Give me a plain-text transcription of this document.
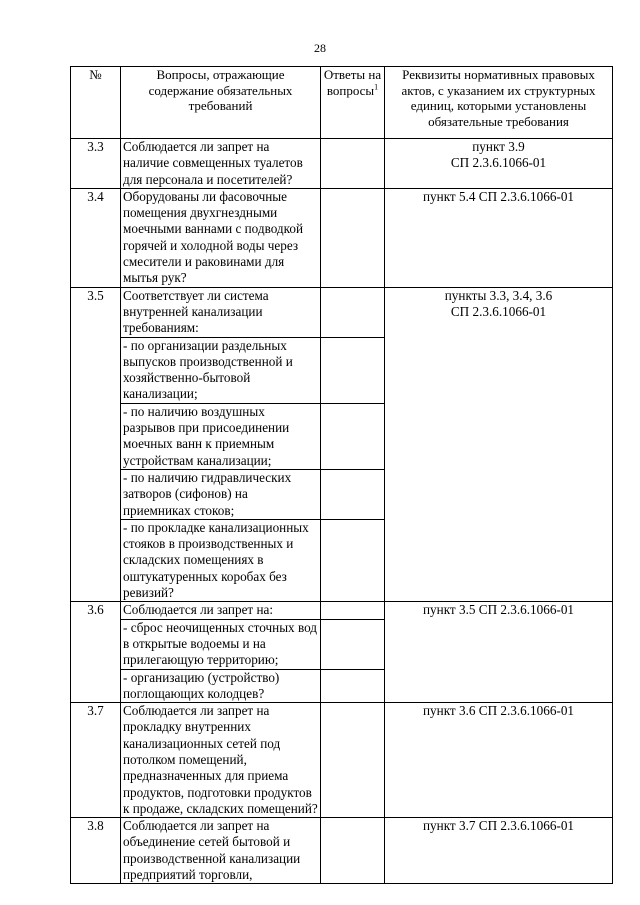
28
№	Вопросы, отражающие содержание обязательных требований	Ответы на вопросы$^1$	Реквизиты нормативных правовых актов, с указанием их структурных единиц, которыми установлены обязательные требования
3.3	Соблюдается ли запрет на наличие совмещенных туалетов для персонала и посетителей?		пункт 3.9
СП 2.3.6.1066-01
3.4	Оборудованы ли фасовочные помещения двухгнездными моечными ваннами с подводкой горячей и холодной воды через смесители и раковинами для мытья рук?		пункт 5.4 СП 2.3.6.1066-01
3.5	Соответствует ли система внутренней канализации требованиям:		пункты 3.3, 3.4, 3.6
СП 2.3.6.1066-01
	- по организации раздельных выпусков производственной и хозяйственно-бытовой канализации;		
	- по наличию воздушных разрывов при присоединении моечных ванн к приемным устройствам канализации;		
	- по наличию гидравлических затворов (сифонов) на приемниках стоков;		
	- по прокладке канализационных стояков в производственных и складских помещениях в оштукатуренных коробах без ревизий?		
3.6	Соблюдается ли запрет на:		пункт 3.5 СП 2.3.6.1066-01
	- сброс неочищенных сточных вод в открытые водоемы и на прилегающую территорию;		
	- организацию (устройство) поглощающих колодцев?		
3.7	Соблюдается ли запрет на прокладку внутренних канализационных сетей под потолком помещений, предназначенных для приема продуктов, подготовки продуктов к продаже, складских помещений?		пункт 3.6 СП 2.3.6.1066-01
3.8	Соблюдается ли запрет на объединение сетей бытовой и производственной канализации предприятий торговли,		пункт 3.7 СП 2.3.6.1066-01
